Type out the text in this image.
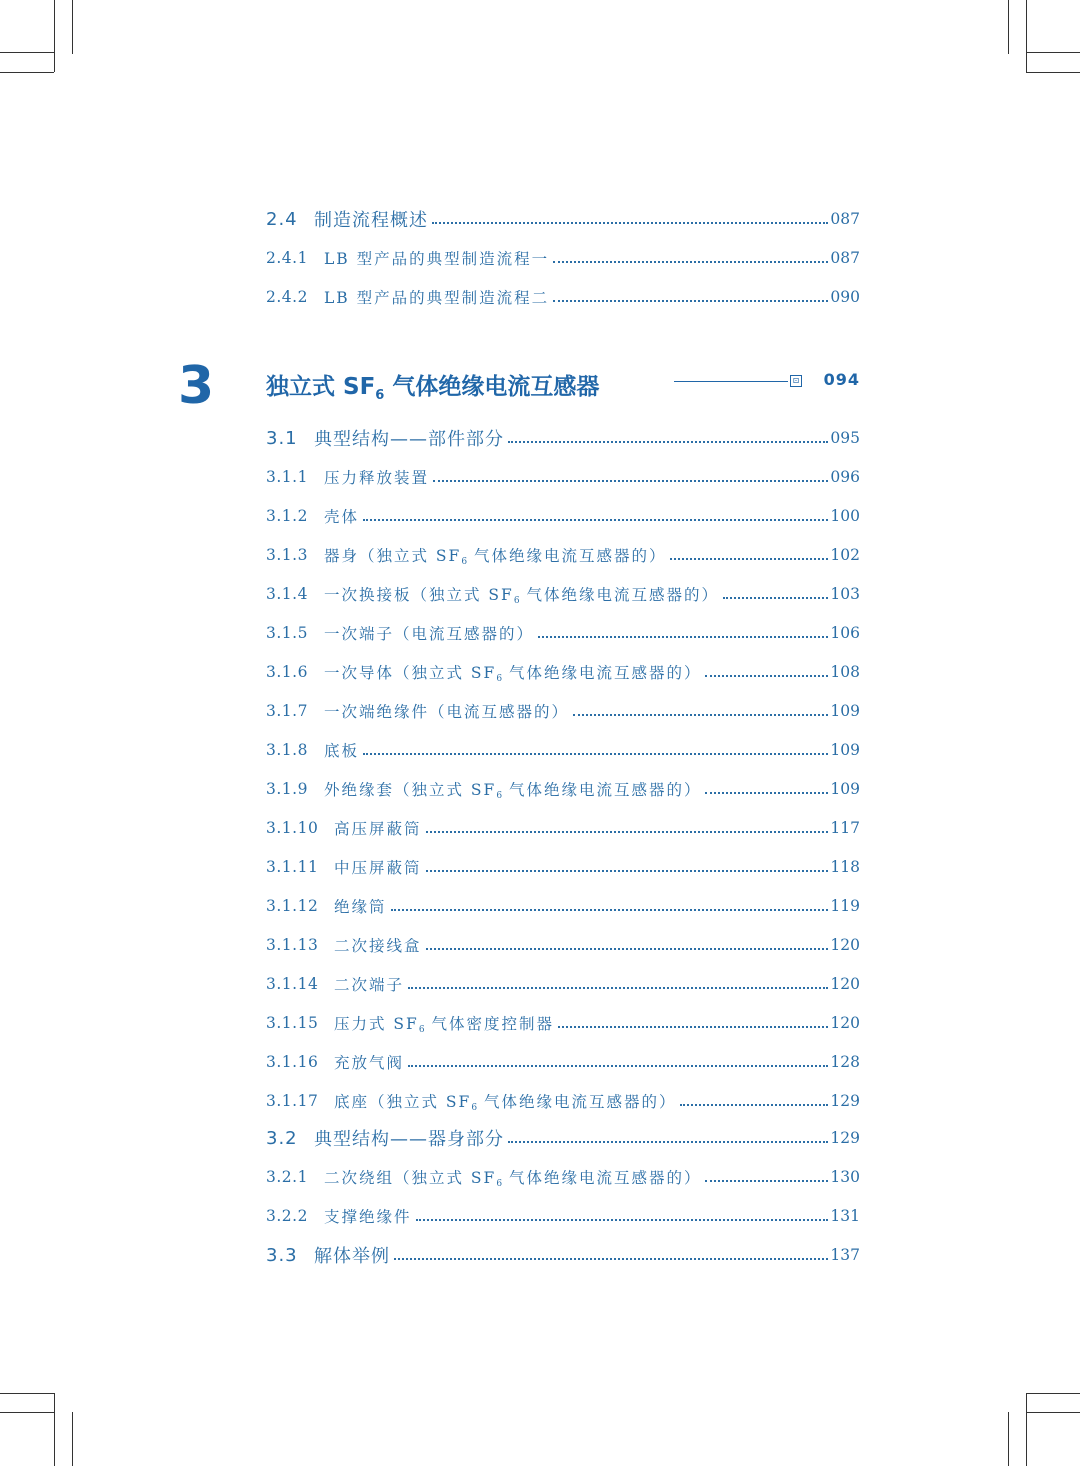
3 独立式 $SF_6$ 气体绝缘电流互感器	⊡ 094
2.4 制造流程概述	087
2.4.1	LB 型产品的典型制造流程一	087
2.4.2	LB 型产品的典型制造流程二	090
3.1 典型结构——部件部分	095
3.1.1	压力释放装置	096
3.1.2	壳体	100
3.1.3	器身（独立式 $SF_6$ 气体绝缘电流互感器的）	102
3.1.4	一次换接板（独立式 $SF_6$ 气体绝缘电流互感器的）	103
3.1.5	一次端子（电流互感器的）	106
3.1.6	一次导体（独立式 $SF_6$ 气体绝缘电流互感器的）	108
3.1.7	一次端绝缘件（电流互感器的）	109
3.1.8	底板	109
3.1.9	外绝缘套（独立式 $SF_6$ 气体绝缘电流互感器的）	109
3.1.10	高压屏蔽筒	117
3.1.11	中压屏蔽筒	118
3.1.12	绝缘筒	119
3.1.13	二次接线盒	120
3.1.14	二次端子	120
3.1.15	压力式 $SF_6$ 气体密度控制器	120
3.1.16	充放气阀	128
3.1.17	底座（独立式 $SF_6$ 气体绝缘电流互感器的）	129
3.2 典型结构——器身部分	129
3.2.1	二次绕组（独立式 $SF_6$ 气体绝缘电流互感器的）	130
3.2.2	支撑绝缘件	131
3.3 解体举例	137
